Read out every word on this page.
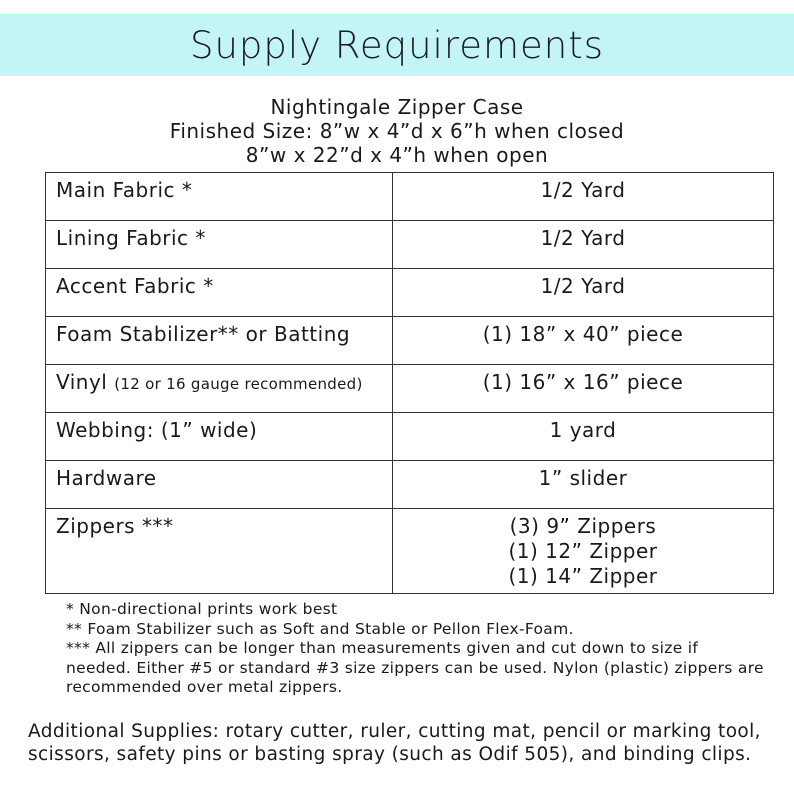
Supply Requirements
Nightingale Zipper Case
Finished Size: 8”w x 4”d x 6”h when closed
8”w x 22”d x 4”h when open
Main Fabric *	1/2 Yard
Lining Fabric *	1/2 Yard
Accent Fabric *	1/2 Yard
Foam Stabilizer** or Batting	(1) 18” x 40” piece
Vinyl (12 or 16 gauge recommended)	(1) 16” x 16” piece
Webbing: (1” wide)	1 yard
Hardware	1” slider
Zippers ***	(3) 9” Zippers
(1) 12” Zipper
(1) 14” Zipper
* Non-directional prints work best
** Foam Stabilizer such as Soft and Stable or Pellon Flex-Foam.
*** All zippers can be longer than measurements given and cut down to size if needed. Either #5 or standard #3 size zippers can be used. Nylon (plastic) zippers are recommended over metal zippers.
Additional Supplies: rotary cutter, ruler, cutting mat, pencil or marking tool, scissors, safety pins or basting spray (such as Odif 505), and binding clips.
